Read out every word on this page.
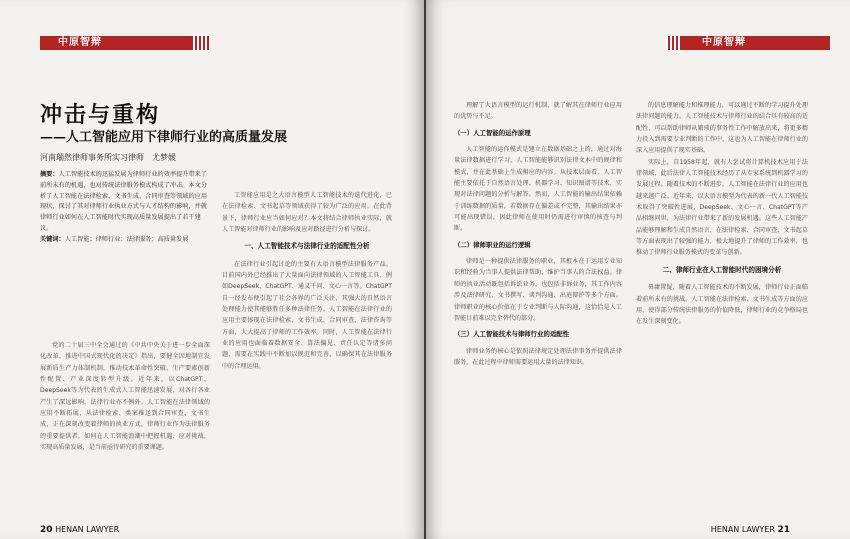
中原智辩
冲击与重构
——人工智能应用下律师行业的高质量发展
河南瑞然律师事务所实习律师　尤梦媛
摘要：人工智能技术的迅猛发展为律师行业的效率提升带来了前所未有的机遇，也对传统法律服务模式构成了冲击。本文分析了人工智能在法律检索、文书生成、合同审查等领域的应用现状，探讨了其对律师行业执业方式与人才结构的影响，并就律师行业如何在人工智能时代实现高质量发展提出了若干建议。
关键词：人工智能；律师行业；法律服务；高质量发展

党的二十届三中全会通过的《中共中央关于进一步全面深化改革、推进中国式现代化的决定》指出，要健全因地制宜发展新质生产力体制机制，推动技术革命性突破、生产要素创新性配置、产业深度转型升级。近年来，以ChatGPT、DeepSeek等为代表的生成式人工智能迅速发展，对各行各业产生了深远影响，法律行业亦不例外。人工智能在法律领域的应用不断拓展，从法律检索、类案推送到合同审查、文书生成，正在深刻改变着律师的执业方式。律师行业作为法律服务的重要提供者，如何在人工智能浪潮中把握机遇、应对挑战，实现高质量发展，是当前亟待研究的重要课题。

工智能应用是之大语言模型人工智能技术的迭代进化，已在法律检索、文书起草等领域获得了较为广泛的应用。在此背景下，律师行业应当如何应对？本文将结合律师执业实际，就人工智能对律师行业的影响及应对路径进行分析与探讨。

一、人工智能技术与法律行业的适配性分析

在法律行业引起讨论的主要有大语言模型法律服务产品。目前国内外已经推出了大量面向法律领域的人工智能工具，例如DeepSeek、ChatGPT、通义千问、文心一言等。ChatGPT自一经发布便引起了社会各界的广泛关注，其强大的自然语言处理能力使其能够胜任多种法律任务。人工智能在法律行业的应用主要体现在法律检索、文书生成、合同审查、法律咨询等方面，大大提高了律师的工作效率。同时，人工智能在法律行业的应用也面临着数据安全、算法偏见、责任认定等诸多问题，需要在实践中不断加以规范和完善，以确保其在法律服务中的合理运用。

20 HENAN LAWYER
中原智辩

理解了大语言模型的运行机制，就了解其在律师行业应用的优势与不足。

（一）人工智能的运作原理

人工智能的运作模式是建立在数据基础之上的，通过对海量法律数据进行学习，人工智能能够识别法律文本中的规律和模式，并在此基础上生成相应的内容。从技术层面看，人工智能主要依托于自然语言处理、机器学习、知识图谱等技术，实现对法律问题的分析与解答。然而，人工智能的输出结果依赖于训练数据的质量，若数据存在偏差或不完整，其输出结果亦可能出现错误，因此律师在使用时仍需进行审慎的核查与判断。

（二）律师职业的运行逻辑

律师是一种提供法律服务的职业，其根本在于运用专业知识和经验为当事人提供法律帮助，维护当事人的合法权益。律师的执业活动既包括诉讼业务，也包括非诉业务，其工作内容涉及法律研究、文书撰写、谈判沟通、出庭辩护等多个方面。律师职业的核心价值在于专业判断与人际沟通，这恰恰是人工智能目前难以完全替代的部分。

（三）人工智能技术与律师行业的适配性

律师业务的核心是依照法律规定处理法律事务并提供法律服务，在此过程中律师需要运用大量的法律知识。

的信息理解能力和推理能力，可以通过不断的学习提升处理法律问题的能力。人工智能技术与律师行业的结合具有较高的适配性，可以帮助律师从繁琐的事务性工作中解放出来，将更多精力投入到需要专业判断的工作中，这也为人工智能在律师行业的深入应用提供了现实基础。

实际上，自1958年起，就有人尝试将计算机技术应用于法律领域，此后法律人工智能技术经历了从专家系统到机器学习的发展过程。随着技术的不断进步，人工智能在法律行业的应用也越来越广泛。近年来，以大语言模型为代表的新一代人工智能技术取得了突破性进展，DeepSeek、文心一言、ChatGPT等产品相继问世，为法律行业带来了新的发展机遇。这些人工智能产品能够理解和生成自然语言，在法律检索、合同审查、文书起草等方面表现出了较强的能力，极大地提升了律师的工作效率，也推动了律师行业服务模式的变革与创新。

二、律师行业在人工智能时代的困境分析

毋庸置疑，随着人工智能技术的不断发展，律师行业正面临着前所未有的挑战。人工智能在法律检索、文书生成等方面的应用，使得部分传统法律服务的价值降低，律师行业的竞争格局也在发生深刻变化。

HENAN LAWYER 21
